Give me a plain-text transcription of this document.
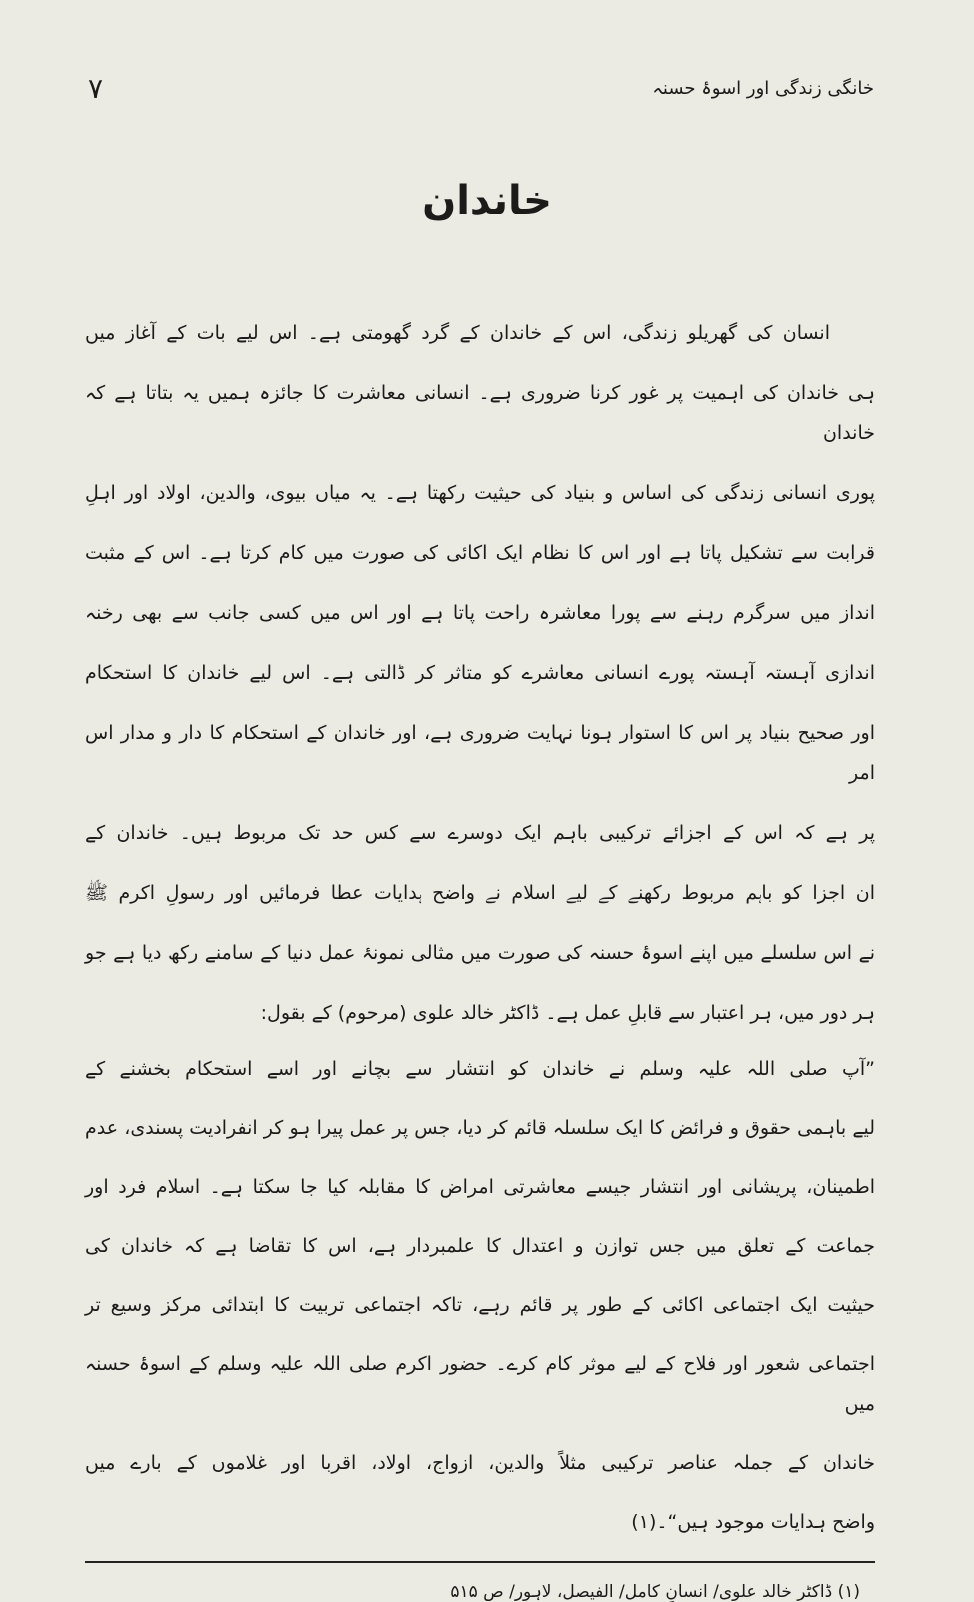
خانگی زندگی اور اسوۂ حسنہ
۷
خاندان
انسان کی گھریلو زندگی، اس کے خاندان کے گرد گھومتی ہے۔ اس لیے بات کے آغاز میں
ہی خاندان کی اہمیت پر غور کرنا ضروری ہے۔ انسانی معاشرت کا جائزہ ہمیں یہ بتاتا ہے کہ خاندان
پوری انسانی زندگی کی اساس و بنیاد کی حیثیت رکھتا ہے۔ یہ میاں بیوی، والدین، اولاد اور اہلِ
قرابت سے تشکیل پاتا ہے اور اس کا نظام ایک اکائی کی صورت میں کام کرتا ہے۔ اس کے مثبت
انداز میں سرگرم رہنے سے پورا معاشرہ راحت پاتا ہے اور اس میں کسی جانب سے بھی رخنہ
اندازی آہستہ آہستہ پورے انسانی معاشرے کو متاثر کر ڈالتی ہے۔ اس لیے خاندان کا استحکام
اور صحیح بنیاد پر اس کا استوار ہونا نہایت ضروری ہے، اور خاندان کے استحکام کا دار و مدار اس امر
پر ہے کہ اس کے اجزائے ترکیبی باہم ایک دوسرے سے کس حد تک مربوط ہیں۔ خاندان کے
ان اجزا کو باہم مربوط رکھنے کے لیے اسلام نے واضح ہدایات عطا فرمائیں اور رسولِ اکرم ﷺ
نے اس سلسلے میں اپنے اسوۂ حسنہ کی صورت میں مثالی نمونۂ عمل دنیا کے سامنے رکھ دیا ہے جو
ہر دور میں، ہر اعتبار سے قابلِ عمل ہے۔ ڈاکٹر خالد علوی (مرحوم) کے بقول:
”آپ صلی اللہ علیہ وسلم نے خاندان کو انتشار سے بچانے اور اسے استحکام بخشنے کے
لیے باہمی حقوق و فرائض کا ایک سلسلہ قائم کر دیا، جس پر عمل پیرا ہو کر انفرادیت پسندی، عدم
اطمینان، پریشانی اور انتشار جیسے معاشرتی امراض کا مقابلہ کیا جا سکتا ہے۔ اسلام فرد اور
جماعت کے تعلق میں جس توازن و اعتدال کا علمبردار ہے، اس کا تقاضا ہے کہ خاندان کی
حیثیت ایک اجتماعی اکائی کے طور پر قائم رہے، تاکہ اجتماعی تربیت کا ابتدائی مرکز وسیع تر
اجتماعی شعور اور فلاح کے لیے موثر کام کرے۔ حضور اکرم صلی اللہ علیہ وسلم کے اسوۂ حسنہ میں
خاندان کے جملہ عناصر ترکیبی مثلاً والدین، ازواج، اولاد، اقربا اور غلاموں کے بارے میں
واضح ہدایات موجود ہیں“۔(۱)
(۱) ڈاکٹر خالد علوی/ انسانِ کامل/ الفیصل، لاہور/ ص ۵۱۵
